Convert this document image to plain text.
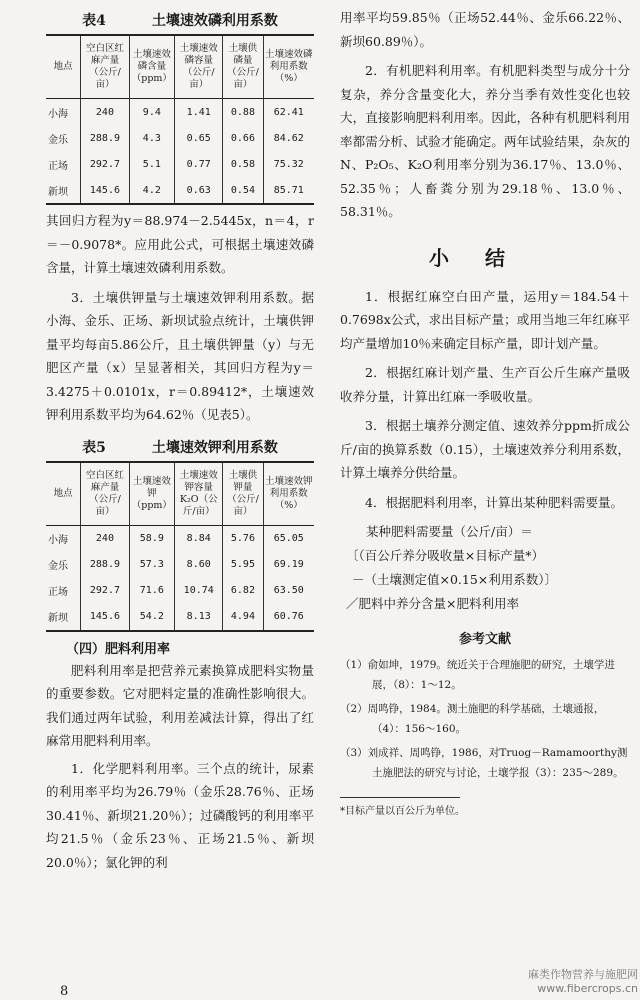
表4	土壤速效磷利用系数
地点	空白区红麻产量（公斤/亩）	土壤速效磷含量（ppm）	土壤速效磷容量（公斤/亩）	土壤供磷量（公斤/亩）	土壤速效磷利用系数（%）
小海	240	9.4	1.41	0.88	62.41
金乐	288.9	4.3	0.65	0.66	84.62
正场	292.7	5.1	0.77	0.58	75.32
新坝	145.6	4.2	0.63	0.54	85.71

其回归方程为y＝88.974－2.5445x，n＝4，r＝－0.9078*。应用此公式，可根据土壤速效磷含量，计算土壤速效磷利用系数。

3．土壤供钾量与土壤速效钾利用系数。据小海、金乐、正场、新坝试验点统计，土壤供钾量平均每亩5.86公斤，且土壤供钾量（y）与无肥区产量（x）呈显著相关，其回归方程为y＝3.4275＋0.0101x，r＝0.89412*，土壤速效钾利用系数平均为64.62％（见表5）。

表5	土壤速效钾利用系数
地点	空白区红麻产量（公斤/亩）	土壤速效钾（ppm）	土壤速效钾容量K₂O（公斤/亩）	土壤供钾量（公斤/亩）	土壤速效钾利用系数（%）
小海	240	58.9	8.84	5.76	65.05
金乐	288.9	57.3	8.60	5.95	69.19
正场	292.7	71.6	10.74	6.82	63.50
新坝	145.6	54.2	8.13	4.94	60.76
（四）肥料利用率

肥料利用率是把营养元素换算成肥料实物量的重要参数。它对肥料定量的准确性影响很大。我们通过两年试验，利用差减法计算，得出了红麻常用肥料利用率。

1．化学肥料利用率。三个点的统计，尿素的利用率平均为26.79％（金乐28.76％、正场30.41％、新坝21.20％）；过磷酸钙的利用率平均21.5％（金乐23％、正场21.5％、新坝20.0％）；氯化钾的利

用率平均59.85％（正场52.44％、金乐66.22％、新坝60.89％）。

2．有机肥料利用率。有机肥料类型与成分十分复杂，养分含量变化大，养分当季有效性变化也较大，直接影响肥料利用率。因此，各种有机肥料利用率都需分析、试验才能确定。两年试验结果，杂灰的N、P₂O₅、K₂O利用率分别为36.17％、13.0％、52.35％；人畜粪分别为29.18％、13.0％、58.31％。

小结

1．根据红麻空白田产量，运用y＝184.54＋0.7698x公式，求出目标产量；或用当地三年红麻平均产量增加10％来确定目标产量，即计划产量。

2．根据红麻计划产量、生产百公斤生麻产量吸收养分量，计算出红麻一季吸收量。

3．根据土壤养分测定值、速效养分ppm折成公斤/亩的换算系数（0.15），土壤速效养分利用系数，计算土壤养分供给量。

4．根据肥料利用率，计算出某种肥料需要量。

某种肥料需要量（公斤/亩）＝
〔（百公斤养分吸收量×目标产量*）
－（土壤测定值×0.15×利用系数）〕
／肥料中养分含量×肥料利用率
参考文献

（1）俞如坤，1979。统近关于合理施肥的研究，土壤学进展，（8）：1～12。

（2）周鸣铮，1984。测土施肥的科学基础，土壤通报，（4）：156～160。

（3）刘成祥、周鸣铮，1986，对Truog－Ramamoorthy测土施肥法的研究与讨论，土壤学报（3）：235～289。

*目标产量以百公斤为单位。
8
麻类作物营养与施肥网
www.fibercrops.cn
